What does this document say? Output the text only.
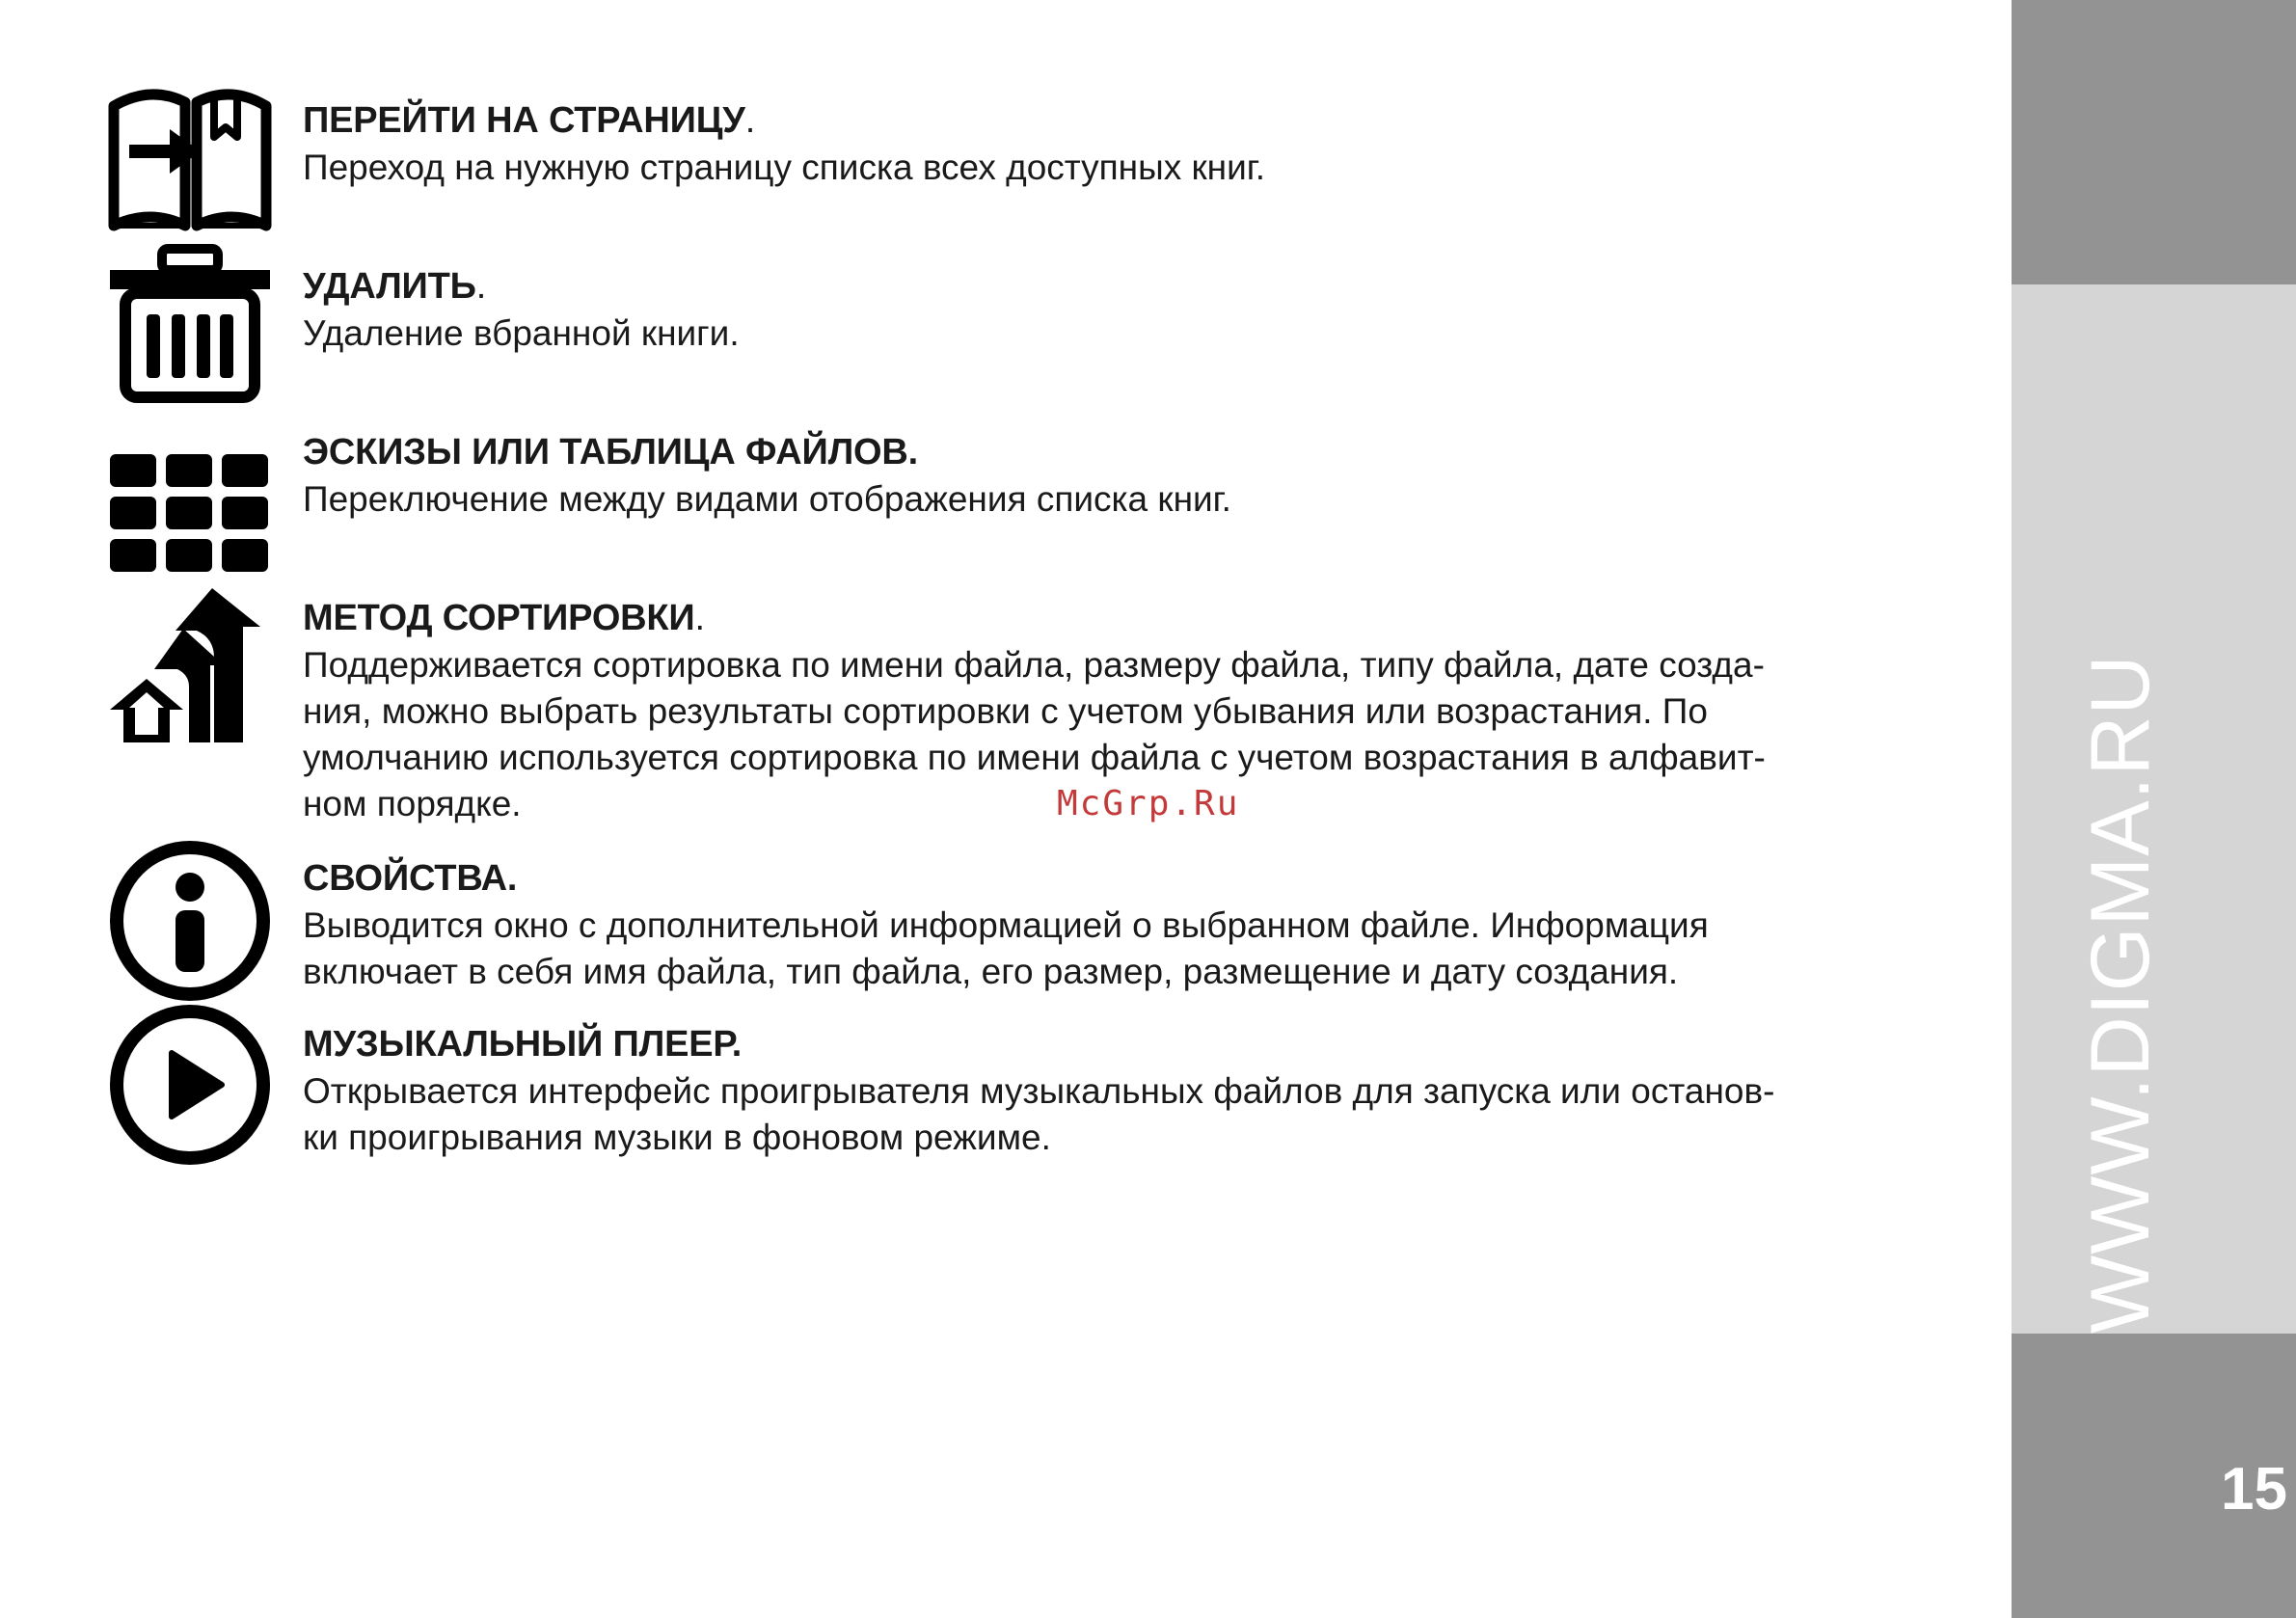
ПЕРЕЙТИ НА СТРАНИЦУ.

Переход на нужную страницу списка всех доступных книг.

УДАЛИТЬ.

Удаление вбранной книги.

ЭСКИЗЫ ИЛИ ТАБЛИЦА ФАЙЛОВ.

Переключение между видами отображения списка книг.

МЕТОД СОРТИРОВКИ.

Поддерживается сортировка по имени файла, размеру файла, типу файла, дате созда-

ния, можно выбрать результаты сортировки с учетом убывания или возрастания. По

умолчанию используется сортировка по имени файла с учетом возрастания в алфавит-

ном порядке.

СВОЙСТВА.

Выводится окно с дополнительной информацией о выбранном файле. Информация

включает в себя имя файла, тип файла, его размер, размещение и дату создания.

МУЗЫКАЛЬНЫЙ ПЛЕЕР.

Открывается интерфейс проигрывателя музыкальных файлов для запуска или останов-

ки проигрывания музыки в фоновом режиме.

McGrp.Ru	WWW.DIGMA.RU
15
